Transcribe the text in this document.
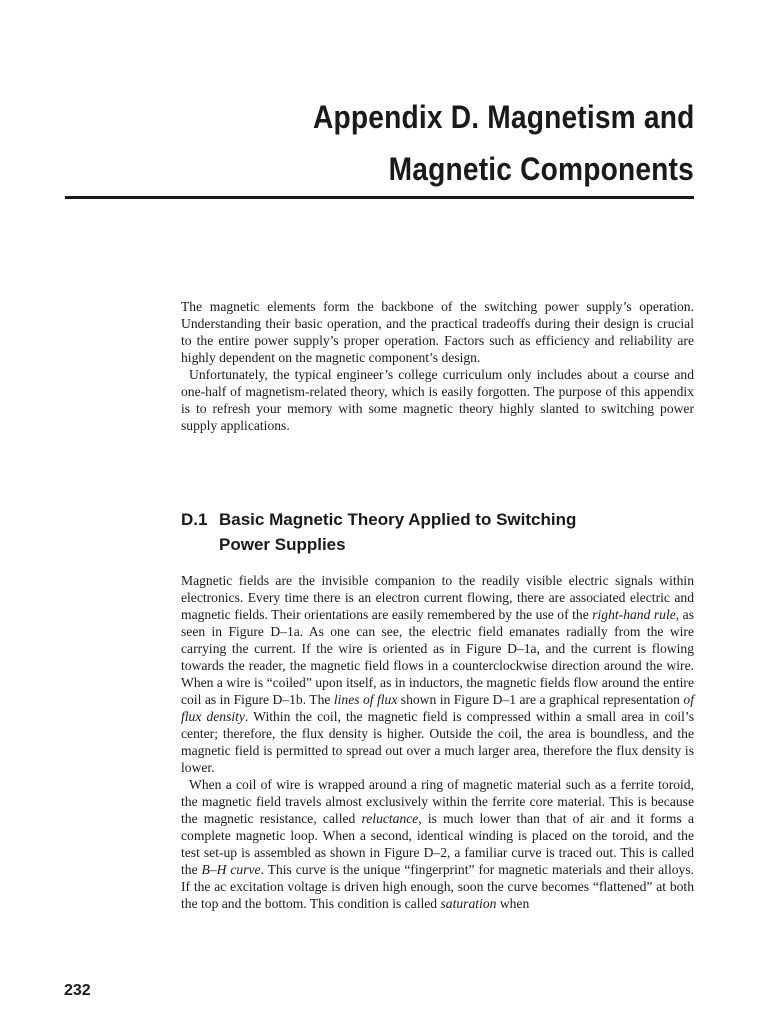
Appendix D. Magnetism and
Magnetic Components

The magnetic elements form the backbone of the switching power supply’s operation. Understanding their basic operation, and the practical tradeoffs during their design is crucial to the entire power supply’s proper operation. Factors such as efficiency and reliability are highly dependent on the magnetic component’s design.

Unfortunately, the typical engineer’s college curriculum only includes about a course and one-half of magnetism-related theory, which is easily forgotten. The purpose of this appendix is to refresh your memory with some magnetic theory highly slanted to switching power supply applications.

D.1 Basic Magnetic Theory Applied to Switching
Power Supplies

Magnetic fields are the invisible companion to the readily visible electric signals within electronics. Every time there is an electron current flowing, there are associated electric and magnetic fields. Their orientations are easily remembered by the use of the right-hand rule, as seen in Figure D–1a. As one can see, the electric field emanates radially from the wire carrying the current. If the wire is oriented as in Figure D–1a, and the current is flowing towards the reader, the magnetic field flows in a counterclockwise direction around the wire. When a wire is “coiled” upon itself, as in inductors, the magnetic fields flow around the entire coil as in Figure D–1b. The lines of flux shown in Figure D–1 are a graphical representation of flux density. Within the coil, the magnetic field is compressed within a small area in coil’s center; therefore, the flux density is higher. Outside the coil, the area is boundless, and the magnetic field is permitted to spread out over a much larger area, therefore the flux density is lower.

When a coil of wire is wrapped around a ring of magnetic material such as a ferrite toroid, the magnetic field travels almost exclusively within the ferrite core material. This is because the magnetic resistance, called reluctance, is much lower than that of air and it forms a complete magnetic loop. When a second, identical winding is placed on the toroid, and the test set-up is assembled as shown in Figure D–2, a familiar curve is traced out. This is called the B–H curve. This curve is the unique “fingerprint” for magnetic materials and their alloys. If the ac excitation voltage is driven high enough, soon the curve becomes “flattened” at both the top and the bottom. This condition is called saturation when

232
